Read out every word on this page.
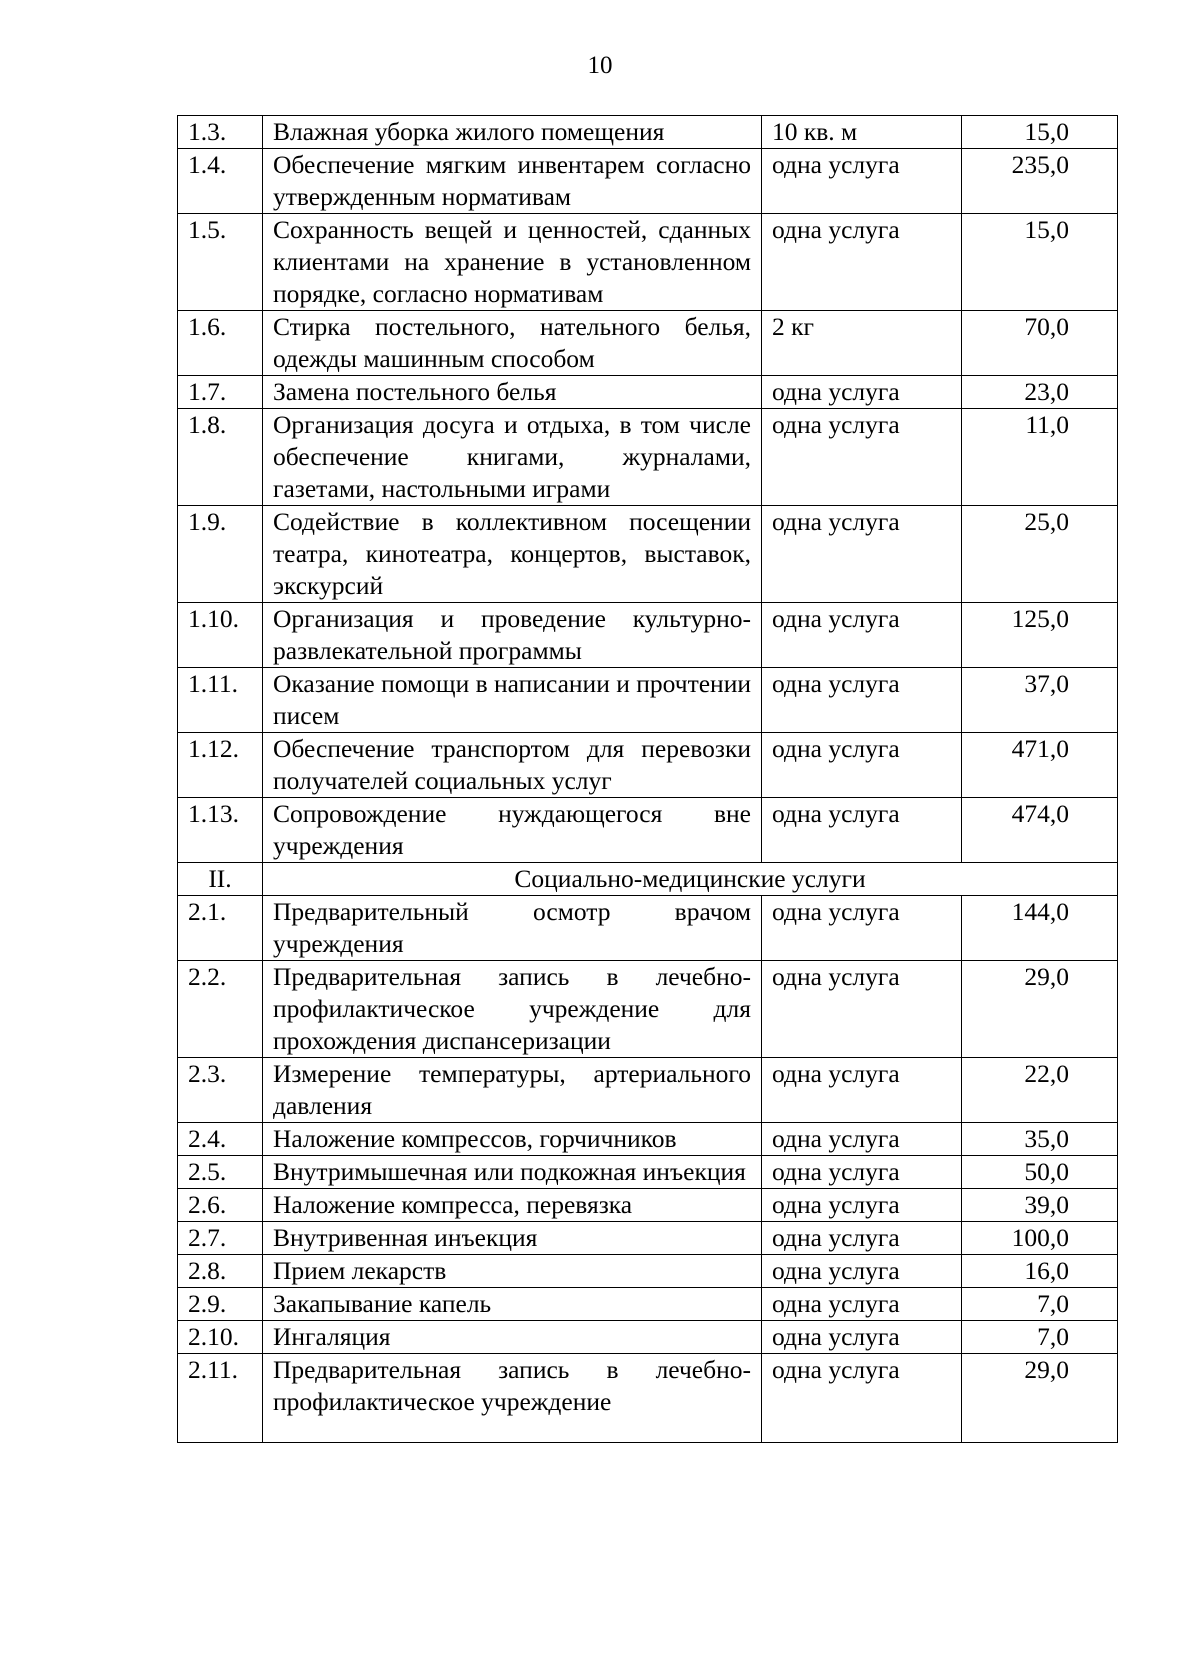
10
1.3.	Влажная уборка жилого помещения	10 кв. м	15,0
1.4.	Обеспечение мягким инвентарем согласно утвержденным нормативам	одна услуга	235,0
1.5.	Сохранность вещей и ценностей, сданных клиентами на хранение в установленном порядке, согласно нормативам	одна услуга	15,0
1.6.	Стирка постельного, нательного белья, одежды машинным способом	2 кг	70,0
1.7.	Замена постельного белья	одна услуга	23,0
1.8.	Организация досуга и отдыха, в том числе обеспечение книгами, журналами, газетами, настольными играми	одна услуга	11,0
1.9.	Содействие в коллективном посещении театра, кинотеатра, концертов, выставок, экскурсий	одна услуга	25,0
1.10.	Организация и проведение культурно-развлекательной программы	одна услуга	125,0
1.11.	Оказание помощи в написании и прочтении писем	одна услуга	37,0
1.12.	Обеспечение транспортом для перевозки получателей социальных услуг	одна услуга	471,0
1.13.	Сопровождение нуждающегося вне учреждения	одна услуга	474,0
II.	Социально-медицинские услуги		
2.1.	Предварительный осмотр врачом учреждения	одна услуга	144,0
2.2.	Предварительная запись в лечебно-профилактическое учреждение для прохождения диспансеризации	одна услуга	29,0
2.3.	Измерение температуры, артериального давления	одна услуга	22,0
2.4.	Наложение компрессов, горчичников	одна услуга	35,0
2.5.	Внутримышечная или подкожная инъекция	одна услуга	50,0
2.6.	Наложение компресса, перевязка	одна услуга	39,0
2.7.	Внутривенная инъекция	одна услуга	100,0
2.8.	Прием лекарств	одна услуга	16,0
2.9.	Закапывание капель	одна услуга	7,0
2.10.	Ингаляция	одна услуга	7,0
2.11.	Предварительная запись в лечебно-профилактическое учреждение	одна услуга	29,0
